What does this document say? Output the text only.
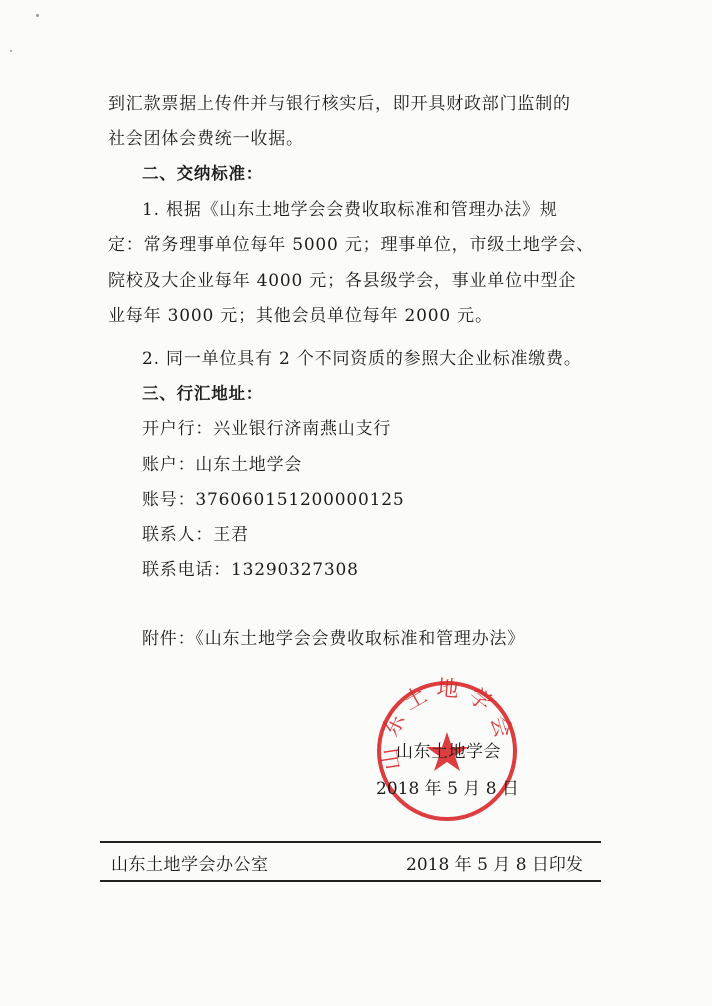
到汇款票据上传件并与银行核实后，即开具财政部门监制的
社会团体会费统一收据。
二、交纳标准：
1. 根据《山东土地学会会费收取标准和管理办法》规
定：常务理事单位每年 5000 元；理事单位，市级土地学会、
院校及大企业每年 4000 元；各县级学会，事业单位中型企
业每年 3000 元；其他会员单位每年 2000 元。
2. 同一单位具有 2 个不同资质的参照大企业标准缴费。
三、行汇地址：
开户行：兴业银行济南燕山支行
账户：山东土地学会
账号：376060151200000125
联系人：王君
联系电话：13290327308
附件：《山东土地学会会费收取标准和管理办法》
山东土地学会
山东土地学会
2018 年 5 月 8 日
山东土地学会办公室	2018 年 5 月 8 日印发
